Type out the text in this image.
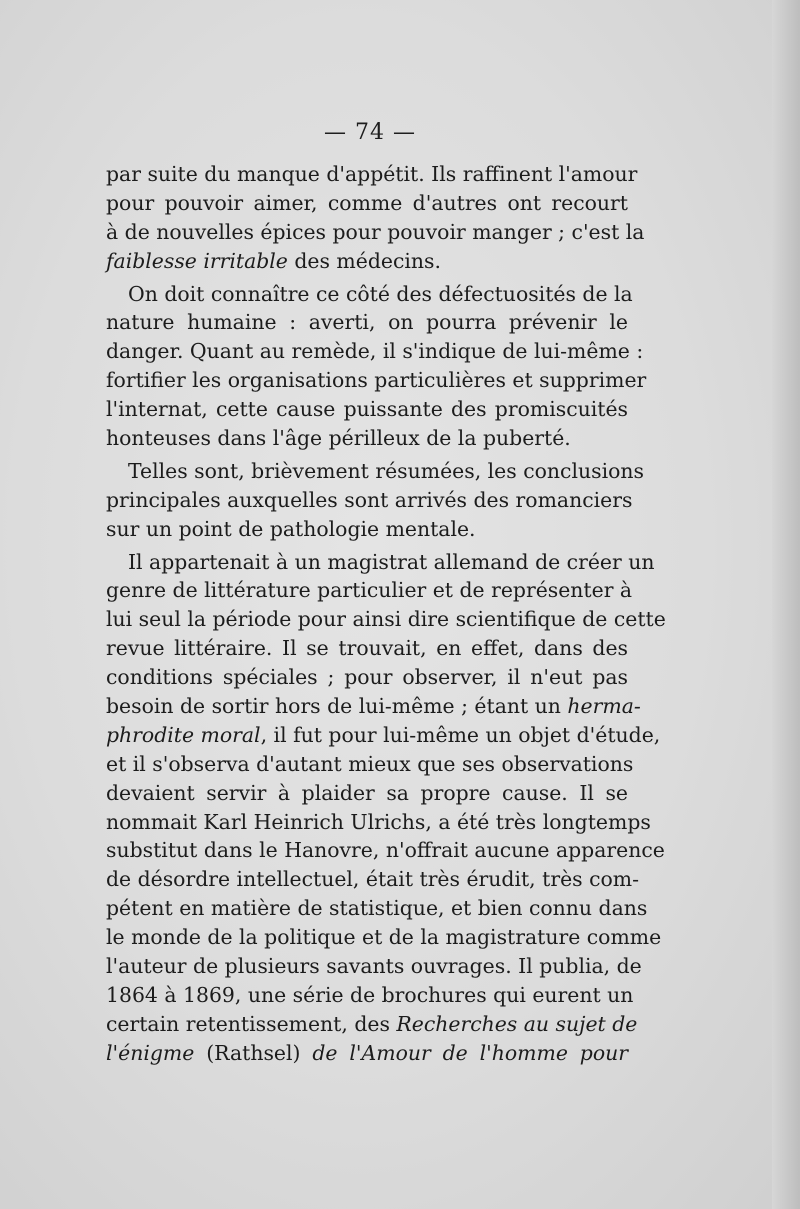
— 74 —
par suite du manque d'appétit. Ils raffinent l'amour
pour pouvoir aimer, comme d'autres ont recourt
à de nouvelles épices pour pouvoir manger ; c'est la
faiblesse irritable des médecins.
On doit connaître ce côté des défectuosités de la
nature humaine : averti, on pourra prévenir le
danger. Quant au remède, il s'indique de lui-même :
fortifier les organisations particulières et supprimer
l'internat, cette cause puissante des promiscuités
honteuses dans l'âge périlleux de la puberté.
Telles sont, brièvement résumées, les conclusions
principales auxquelles sont arrivés des romanciers
sur un point de pathologie mentale.
Il appartenait à un magistrat allemand de créer un
genre de littérature particulier et de représenter à
lui seul la période pour ainsi dire scientifique de cette
revue littéraire. Il se trouvait, en effet, dans des
conditions spéciales ; pour observer, il n'eut pas
besoin de sortir hors de lui-même ; étant un herma-
phrodite moral, il fut pour lui-même un objet d'étude,
et il s'observa d'autant mieux que ses observations
devaient servir à plaider sa propre cause. Il se
nommait Karl Heinrich Ulrichs, a été très longtemps
substitut dans le Hanovre, n'offrait aucune apparence
de désordre intellectuel, était très érudit, très com-
pétent en matière de statistique, et bien connu dans
le monde de la politique et de la magistrature comme
l'auteur de plusieurs savants ouvrages. Il publia, de
1864 à 1869, une série de brochures qui eurent un
certain retentissement, des Recherches au sujet de
l'énigme (Rathsel) de l'Amour de l'homme pour
